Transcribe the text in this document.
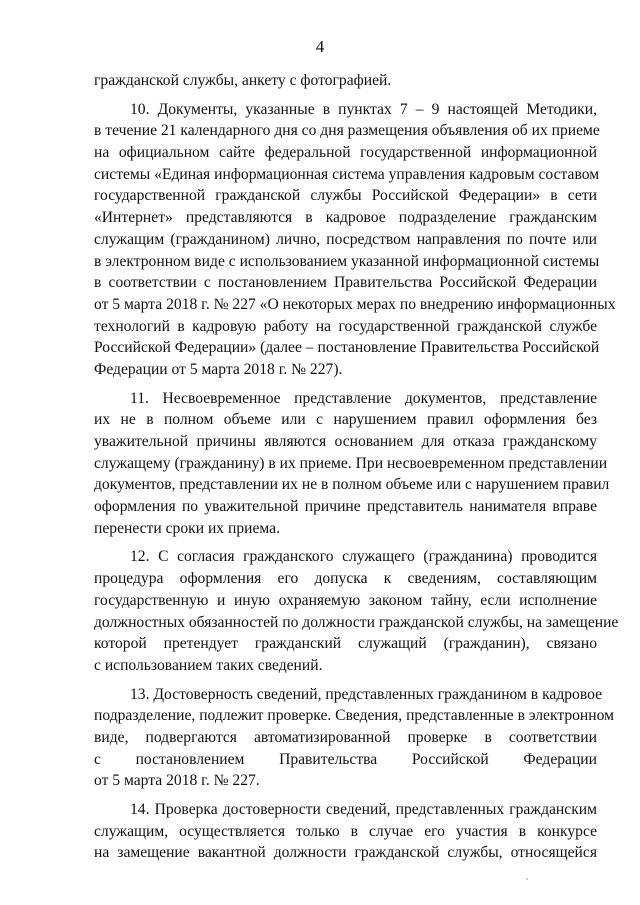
4
гражданской службы, анкету с фотографией.
10. Документы, указанные в пунктах 7 – 9 настоящей Методики,
в течение 21 календарного дня со дня размещения объявления об их приеме
на официальном сайте федеральной государственной информационной
системы «Единая информационная система управления кадровым составом
государственной гражданской службы Российской Федерации» в сети
«Интернет» представляются в кадровое подразделение гражданским
служащим (гражданином) лично, посредством направления по почте или
в электронном виде с использованием указанной информационной системы
в соответствии с постановлением Правительства Российской Федерации
от 5 марта 2018 г. № 227 «О некоторых мерах по внедрению информационных
технологий в кадровую работу на государственной гражданской службе
Российской Федерации» (далее – постановление Правительства Российской
Федерации от 5 марта 2018 г. № 227).
11. Несвоевременное представление документов, представление
их не в полном объеме или с нарушением правил оформления без
уважительной причины являются основанием для отказа гражданскому
служащему (гражданину) в их приеме. При несвоевременном представлении
документов, представлении их не в полном объеме или с нарушением правил
оформления по уважительной причине представитель нанимателя вправе
перенести сроки их приема.
12. С согласия гражданского служащего (гражданина) проводится
процедура оформления его допуска к сведениям, составляющим
государственную и иную охраняемую законом тайну, если исполнение
должностных обязанностей по должности гражданской службы, на замещение
которой претендует гражданский служащий (гражданин), связано
с использованием таких сведений.
13. Достоверность сведений, представленных гражданином в кадровое
подразделение, подлежит проверке. Сведения, представленные в электронном
виде, подвергаются автоматизированной проверке в соответствии
с постановлением Правительства Российской Федерации
от 5 марта 2018 г. № 227.
14. Проверка достоверности сведений, представленных гражданским
служащим, осуществляется только в случае его участия в конкурсе
на замещение вакантной должности гражданской службы, относящейся
